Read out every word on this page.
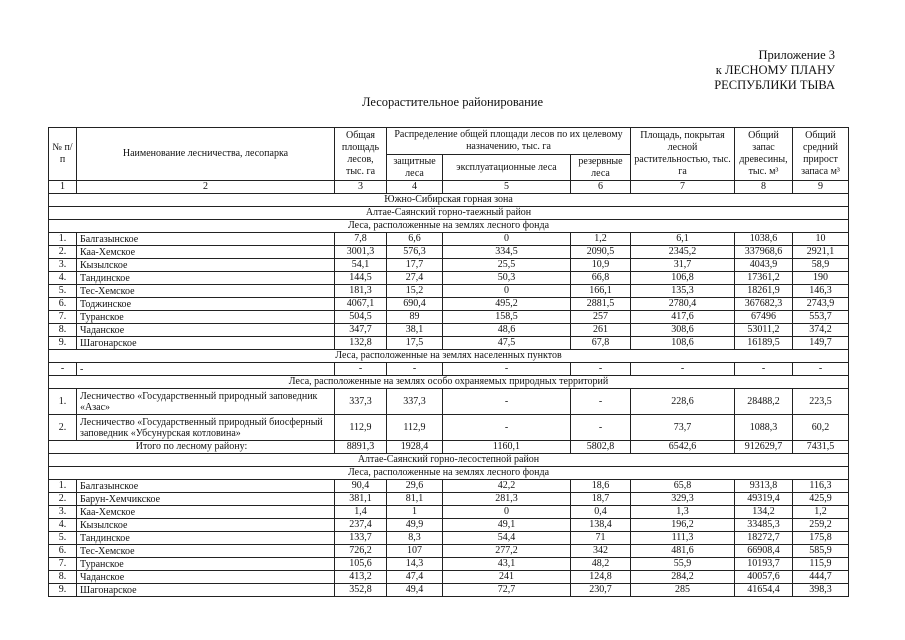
Приложение 3
к ЛЕСНОМУ ПЛАНУ
РЕСПУБЛИКИ ТЫВА
Лесорастительное районирование
№ п/п	Наименование лесничества, лесопарка	Общая площадь лесов, тыс. га	Распределение общей площади лесов по их целевому назначению, тыс. га			Площадь, покрытая лесной растительностью, тыс. га	Общий запас древесины, тыс. м³	Общий средний прирост запаса м³
			защитные леса	эксплуатационные леса	резервные леса			
1	2	3	4	5	6	7	8	9
Южно-Сибирская горная зона								
Алтае-Саянский горно-таежный район								
Леса, расположенные на землях лесного фонда								
1.	Балгазынское	7,8	6,6	0	1,2	6,1	1038,6	10
2.	Каа-Хемское	3001,3	576,3	334,5	2090,5	2345,2	337968,6	2921,1
3.	Кызылское	54,1	17,7	25,5	10,9	31,7	4043,9	58,9
4.	Тандинское	144,5	27,4	50,3	66,8	106,8	17361,2	190
5.	Тес-Хемское	181,3	15,2	0	166,1	135,3	18261,9	146,3
6.	Тоджинское	4067,1	690,4	495,2	2881,5	2780,4	367682,3	2743,9
7.	Туранское	504,5	89	158,5	257	417,6	67496	553,7
8.	Чаданское	347,7	38,1	48,6	261	308,6	53011,2	374,2
9.	Шагонарское	132,8	17,5	47,5	67,8	108,6	16189,5	149,7
Леса, расположенные на землях населенных пунктов								
-	-	-	-	-	-	-	-	-
Леса, расположенные на землях особо охраняемых природных территорий								
1.	Лесничество «Государственный природный заповедник «Азас»	337,3	337,3	-	-	228,6	28488,2	223,5
2.	Лесничество «Государственный природный биосферный заповедник «Убсунурская котловина»	112,9	112,9	-	-	73,7	1088,3	60,2
Итого по лесному району:		8891,3	1928,4	1160,1	5802,8	6542,6	912629,7	7431,5
Алтае-Саянский горно-лесостепной район								
Леса, расположенные на землях лесного фонда								
1.	Балгазынское	90,4	29,6	42,2	18,6	65,8	9313,8	116,3
2.	Барун-Хемчикское	381,1	81,1	281,3	18,7	329,3	49319,4	425,9
3.	Каа-Хемское	1,4	1	0	0,4	1,3	134,2	1,2
4.	Кызылское	237,4	49,9	49,1	138,4	196,2	33485,3	259,2
5.	Тандинское	133,7	8,3	54,4	71	111,3	18272,7	175,8
6.	Тес-Хемское	726,2	107	277,2	342	481,6	66908,4	585,9
7.	Туранское	105,6	14,3	43,1	48,2	55,9	10193,7	115,9
8.	Чаданское	413,2	47,4	241	124,8	284,2	40057,6	444,7
9.	Шагонарское	352,8	49,4	72,7	230,7	285	41654,4	398,3
